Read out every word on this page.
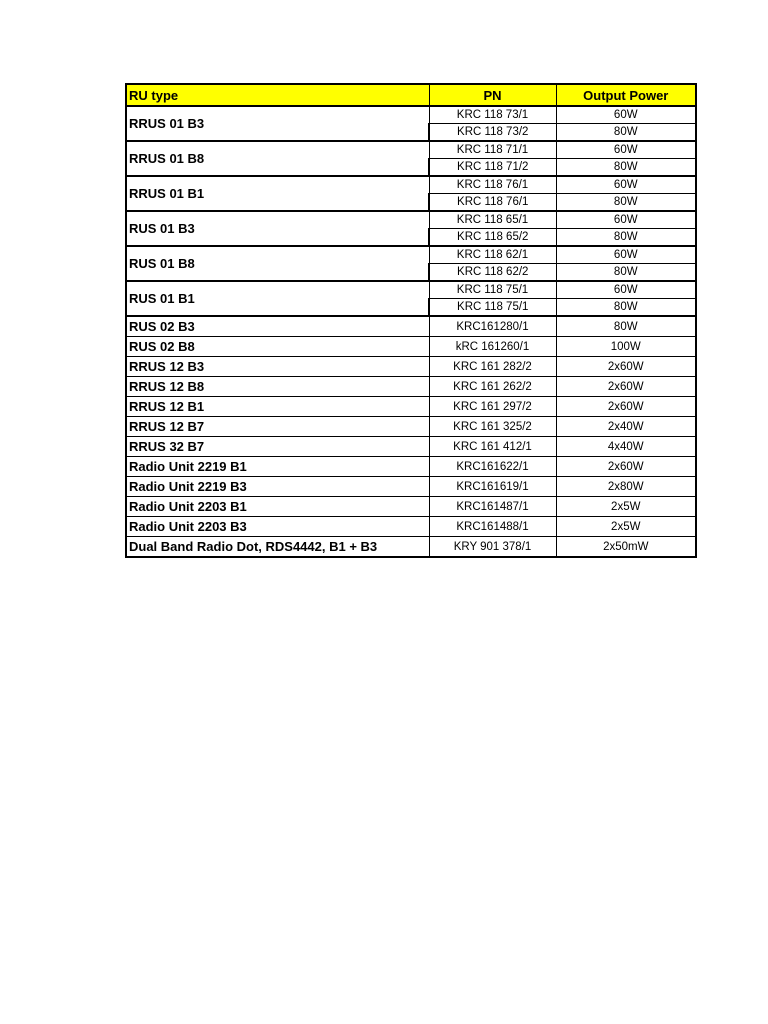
RU type	PN	Output Power
RRUS 01 B3	KRC 118 73/1	60W
	KRC 118 73/2	80W
RRUS 01 B8	KRC 118 71/1	60W
	KRC 118 71/2	80W
RRUS 01 B1	KRC 118 76/1	60W
	KRC 118 76/1	80W
RUS 01 B3	KRC 118 65/1	60W
	KRC 118 65/2	80W
RUS 01 B8	KRC 118 62/1	60W
	KRC 118 62/2	80W
RUS 01 B1	KRC 118 75/1	60W
	KRC 118 75/1	80W
RUS 02 B3	KRC161280/1	80W
RUS 02 B8	kRC 161260/1	100W
RRUS 12 B3	KRC 161 282/2	2x60W
RRUS 12 B8	KRC 161 262/2	2x60W
RRUS 12 B1	KRC 161 297/2	2x60W
RRUS 12 B7	KRC 161 325/2	2x40W
RRUS 32 B7	KRC 161 412/1	4x40W
Radio Unit 2219 B1	KRC161622/1	2x60W
Radio Unit 2219 B3	KRC161619/1	2x80W
Radio Unit 2203 B1	KRC161487/1	2x5W
Radio Unit 2203 B3	KRC161488/1	2x5W
Dual Band Radio Dot, RDS4442, B1 + B3	KRY 901 378/1	2x50mW
